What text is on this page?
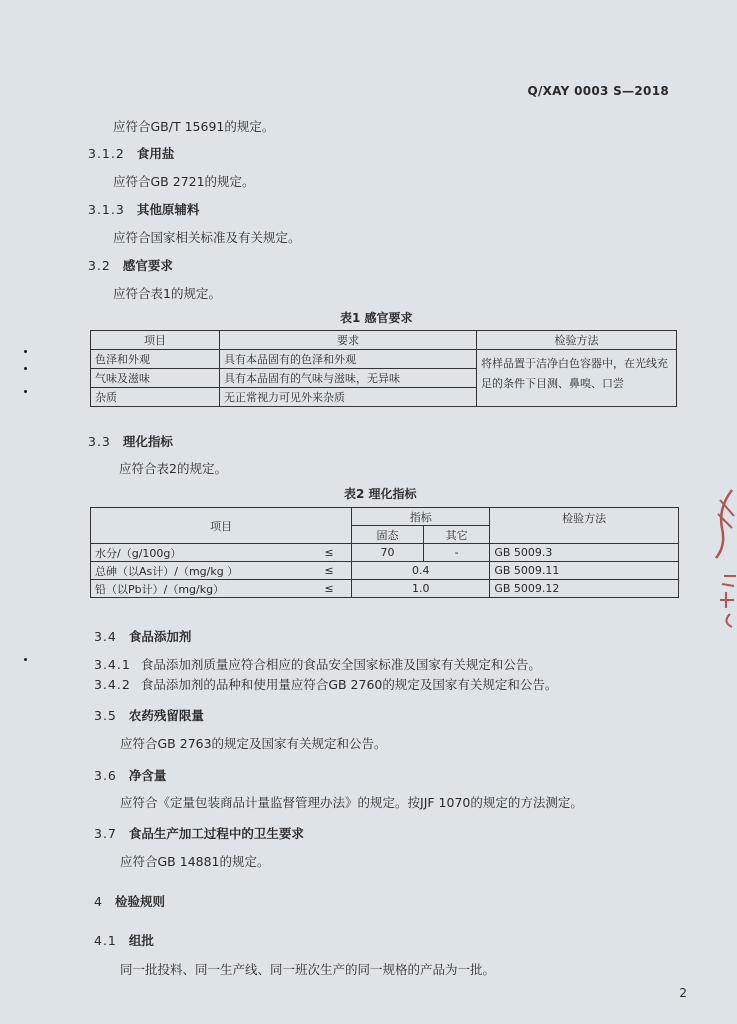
Q/XAY 0003 S—2018
应符合GB/T 15691的规定。
3.1.2 食用盐
应符合GB 2721的规定。
3.1.3 其他原辅料
应符合国家相关标准及有关规定。
3.2 感官要求
应符合表1的规定。
表1 感官要求
项目	要求	检验方法
色泽和外观	具有本品固有的色泽和外观	将样品置于洁净白色容器中，在光线充足的条件下目测、鼻嗅、口尝
气味及滋味	具有本品固有的气味与滋味，无异味	
杂质	无正常视力可见外来杂质	
3.3 理化指标
应符合表2的规定。
表2 理化指标
项目		指标		检验方法
		固态	其它	
水分/（g/100g）	≤	70	-	GB 5009.3
总砷（以As计）/（mg/kg ）	≤	0.4		GB 5009.11
铅（以Pb计）/（mg/kg）	≤	1.0		GB 5009.12
3.4 食品添加剂
3.4.1 食品添加剂质量应符合相应的食品安全国家标准及国家有关规定和公告。
3.4.2 食品添加剂的品种和使用量应符合GB 2760的规定及国家有关规定和公告。
3.5 农药残留限量
应符合GB 2763的规定及国家有关规定和公告。
3.6 净含量
应符合《定量包装商品计量监督管理办法》的规定。按JJF 1070的规定的方法测定。
3.7 食品生产加工过程中的卫生要求
应符合GB 14881的规定。
4 检验规则
4.1 组批
同一批投料、同一生产线、同一班次生产的同一规格的产品为一批。
2
